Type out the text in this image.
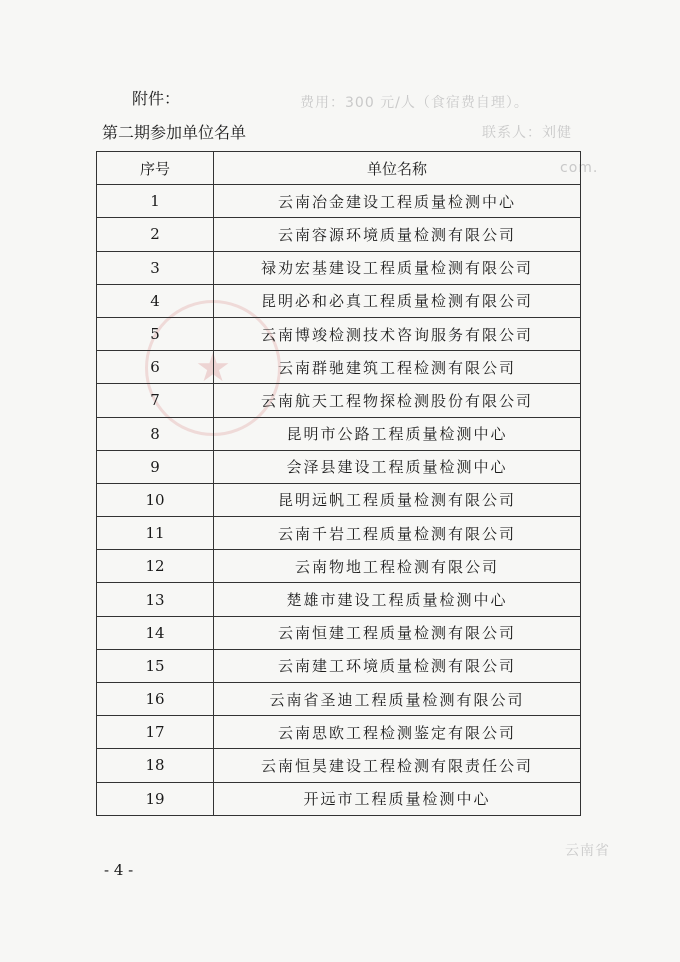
费用：300 元/人（食宿费自理）。
联系人：刘健
com.
云南省
★
附件：
第二期参加单位名单
序号	单位名称
1	云南冶金建设工程质量检测中心
2	云南容源环境质量检测有限公司
3	禄劝宏基建设工程质量检测有限公司
4	昆明必和必真工程质量检测有限公司
5	云南博竣检测技术咨询服务有限公司
6	云南群驰建筑工程检测有限公司
7	云南航天工程物探检测股份有限公司
8	昆明市公路工程质量检测中心
9	会泽县建设工程质量检测中心
10	昆明远帆工程质量检测有限公司
11	云南千岩工程质量检测有限公司
12	云南物地工程检测有限公司
13	楚雄市建设工程质量检测中心
14	云南恒建工程质量检测有限公司
15	云南建工环境质量检测有限公司
16	云南省圣迪工程质量检测有限公司
17	云南思欧工程检测鉴定有限公司
18	云南恒昊建设工程检测有限责任公司
19	开远市工程质量检测中心
- 4 -
